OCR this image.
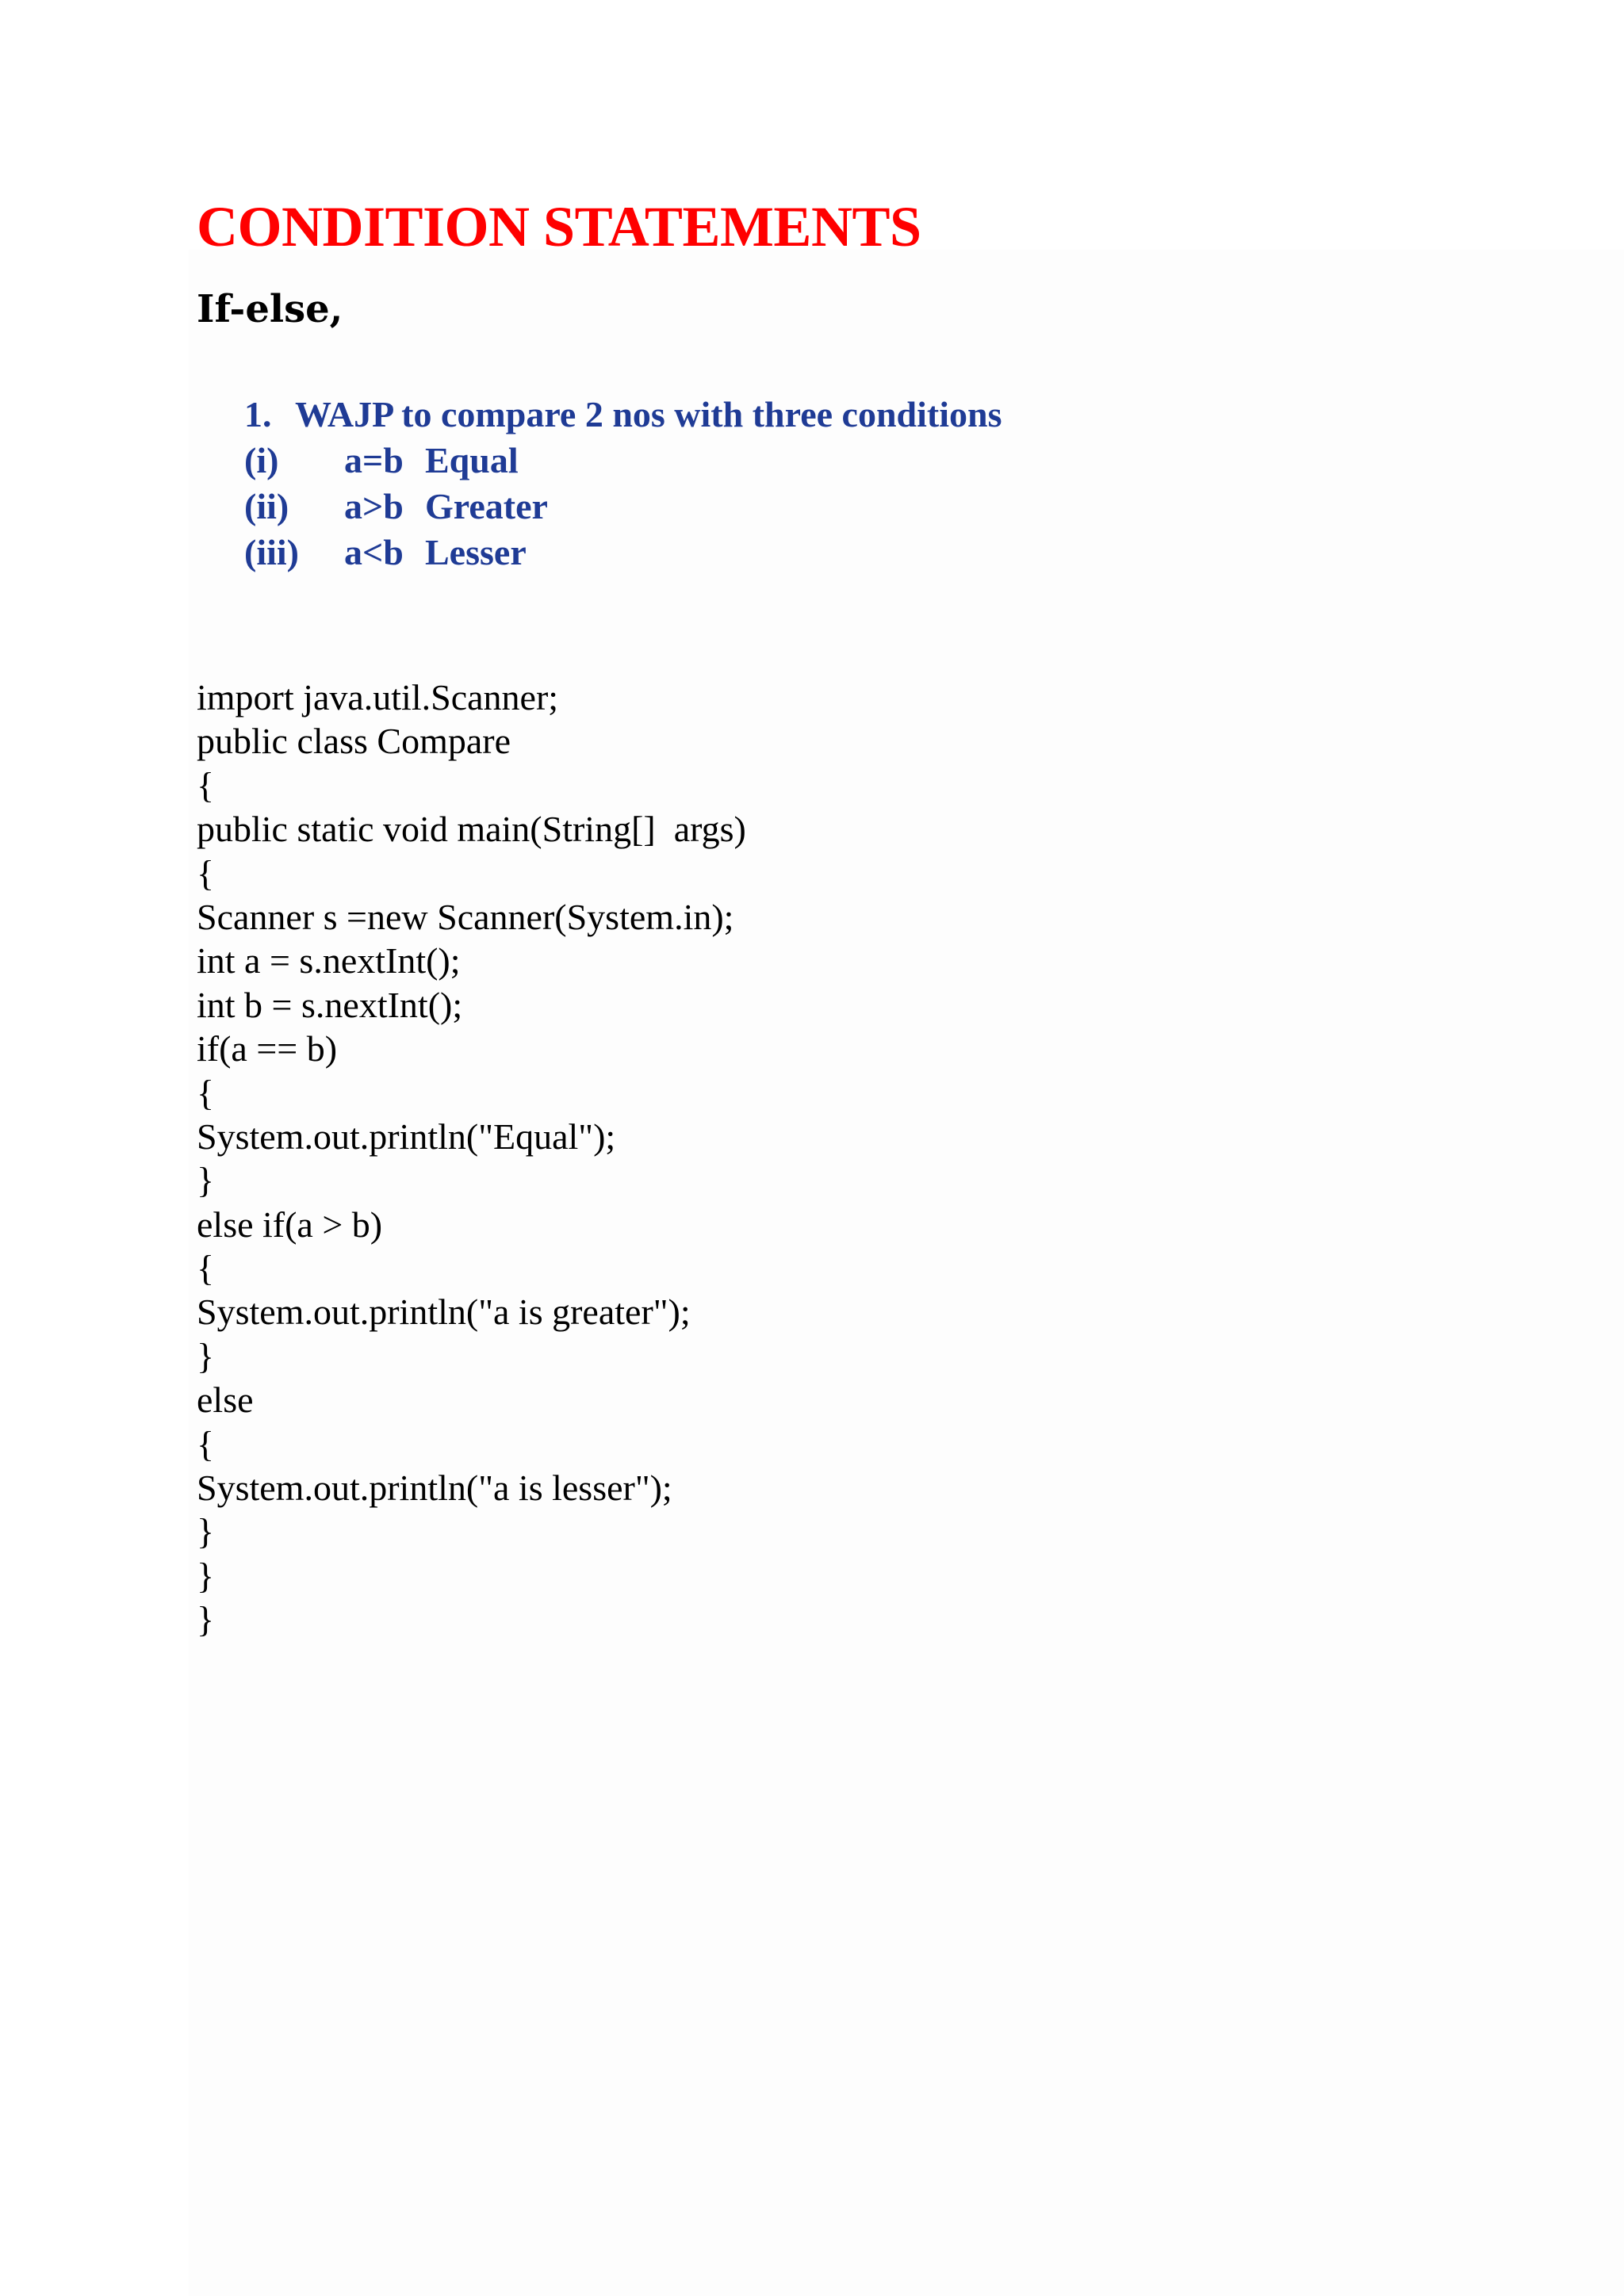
CONDITION STATEMENTS
If-else,
1. WAJP to compare 2 nos with three conditions
(i) a=b Equal
(ii) a>b Greater
(iii) a<b Lesser
import java.util.Scanner;
public class Compare
{
public static void main(String[]  args)
{
Scanner s =new Scanner(System.in);
int a = s.nextInt();
int b = s.nextInt();
if(a == b)
{
System.out.println("Equal");
}
else if(a > b)
{
System.out.println("a is greater");
}
else
{
System.out.println("a is lesser");
}
}
}
